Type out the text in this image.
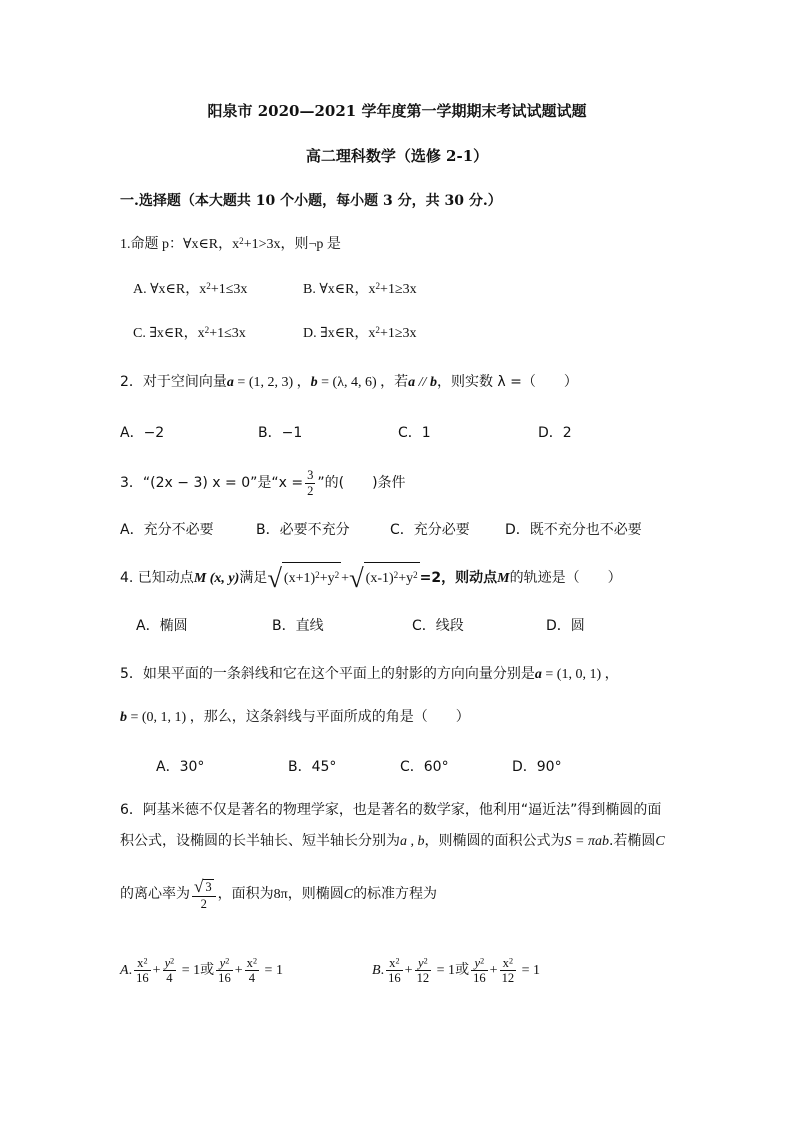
阳泉市 2020—2021 学年度第一学期期末考试试题试题
高二理科数学（选修 2-1）
一.选择题（本大题共 10 个小题，每小题 3 分，共 30 分.）
1.命题 p：∀x∈R，$x^2+1>3x$，则¬p 是
A. ∀x∈R，$x^2+1\le 3x$	B. ∀x∈R，$x^2+1\ge 3x$
C. ∃x∈R，$x^2+1\le 3x$	D. ∃x∈R，$x^2+1\ge 3x$
2．对于空间向量a = (1, 2, 3) ，b = (λ, 4, 6) ，若a // b，则实数 λ =（　　）
A．−2	B．−1	C．1	D．2
3．“(2x − 3) x = 0”是“$x = \frac{3}{2}$ ”的(　　)条件
A．充分不必要	B．必要不充分	C．充分必要	D．既不充分也不必要
4. 已知动点M (x, y)满足√ $(x+1)^2+y^2$ +√ $(x-1)^2+y^2 =2$，则动点M的轨迹是（　　）
A．椭圆	B．直线	C．线段	D．圆
5．如果平面的一条斜线和它在这个平面上的射影的方向向量分别是a = (1, 0, 1) ，
b = (0, 1, 1) ，那么，这条斜线与平面所成的角是（　　）
A．30°	B．45°	C．60°	D．90°
6．阿基米德不仅是著名的物理学家，也是著名的数学家，他利用“逼近法”得到椭圆的面
积公式，设椭圆的长半轴长、短半轴长分别为a , b，则椭圆的面积公式为S = πab.若椭圆C
的离心率为 $\frac{√ 3}{2}$ ，面积为8π，则椭圆C的标准方程为
A. $\frac{x^2}{16} + \frac{y^2}{4} = 1$或 $\frac{y^2}{16} + \frac{x^2}{4} = 1$	B. $\frac{x^2}{16} + \frac{y^2}{12} = 1$或 $\frac{y^2}{16} + \frac{x^2}{12} = 1$
